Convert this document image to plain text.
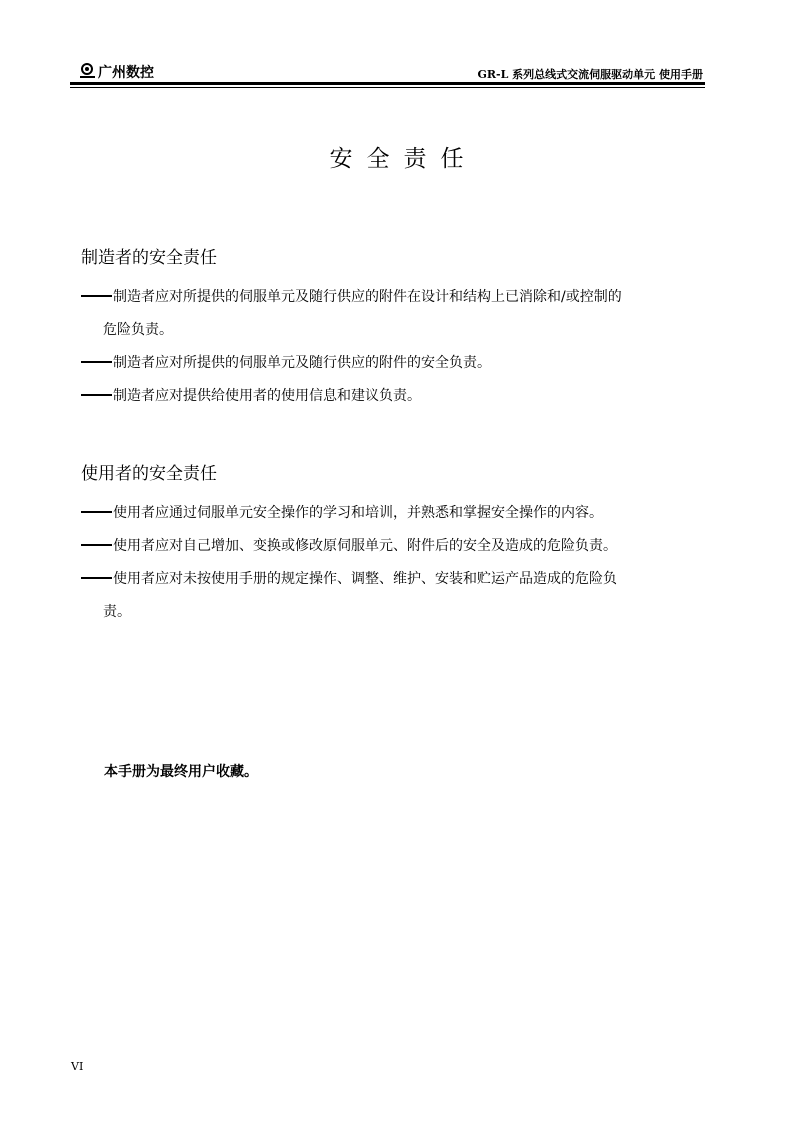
广州数控	GR-L 系列总线式交流伺服驱动单元 使用手册
安全责任
制造者的安全责任
制造者应对所提供的伺服单元及随行供应的附件在设计和结构上已消除和/或控制的
危险负责。
制造者应对所提供的伺服单元及随行供应的附件的安全负责。
制造者应对提供给使用者的使用信息和建议负责。
使用者的安全责任
使用者应通过伺服单元安全操作的学习和培训，并熟悉和掌握安全操作的内容。
使用者应对自己增加、变换或修改原伺服单元、附件后的安全及造成的危险负责。
使用者应对未按使用手册的规定操作、调整、维护、安装和贮运产品造成的危险负
责。
本手册为最终用户收藏。
VI
